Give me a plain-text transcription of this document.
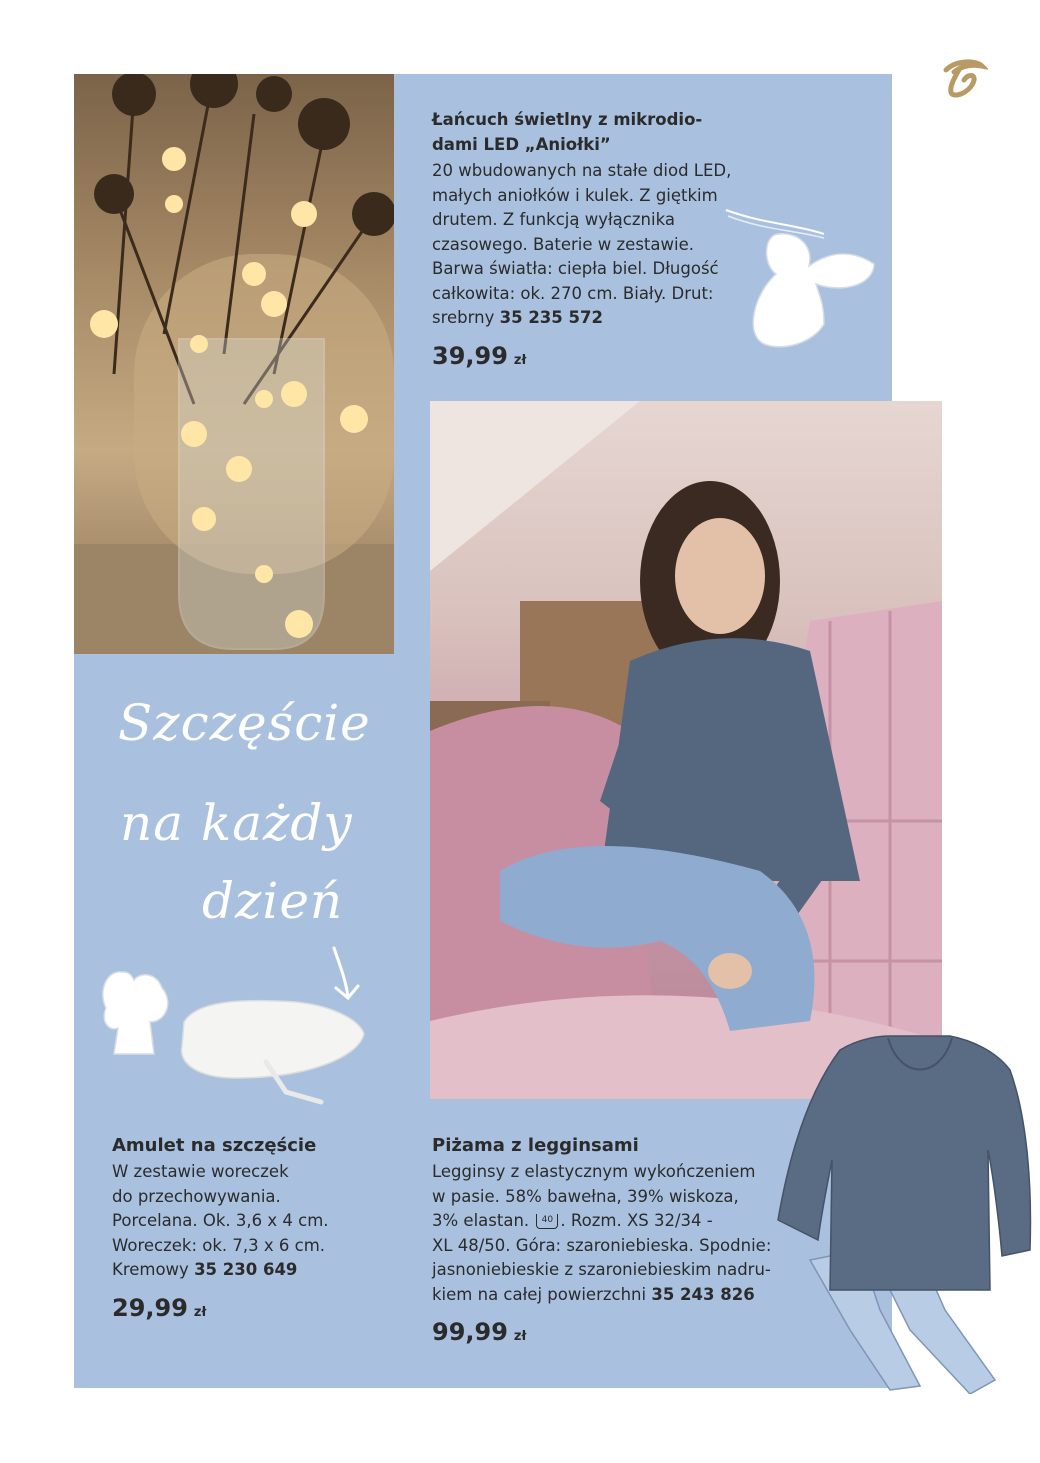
Łańcuch świetlny z mikrodio-
dami LED „Aniołki”
20 wbudowanych na stałe diod LED,
małych aniołków i kulek. Z giętkim
drutem. Z funkcją wyłącznika
czasowego. Baterie w zestawie.
Barwa światła: ciepła biel. Długość
całkowita: ok. 270 cm. Biały. Drut:
srebrny 35 235 572
39,99 zł
Szczęście
na każdy
dzień
Amulet na szczęście
W zestawie woreczek
do przechowywania.
Porcelana. Ok. 3,6 x 4 cm.
Woreczek: ok. 7,3 x 6 cm.
Kremowy 35 230 649
29,99 zł
Piżama z legginsami
Legginsy z elastycznym wykończeniem
w pasie. 58% bawełna, 39% wiskoza,
3% elastan. 40 . Rozm. XS 32/34 -
XL 48/50. Góra: szaroniebieska. Spodnie:
jasnoniebieskie z szaroniebieskim nadru-
kiem na całej powierzchni 35 243 826
99,99 zł
